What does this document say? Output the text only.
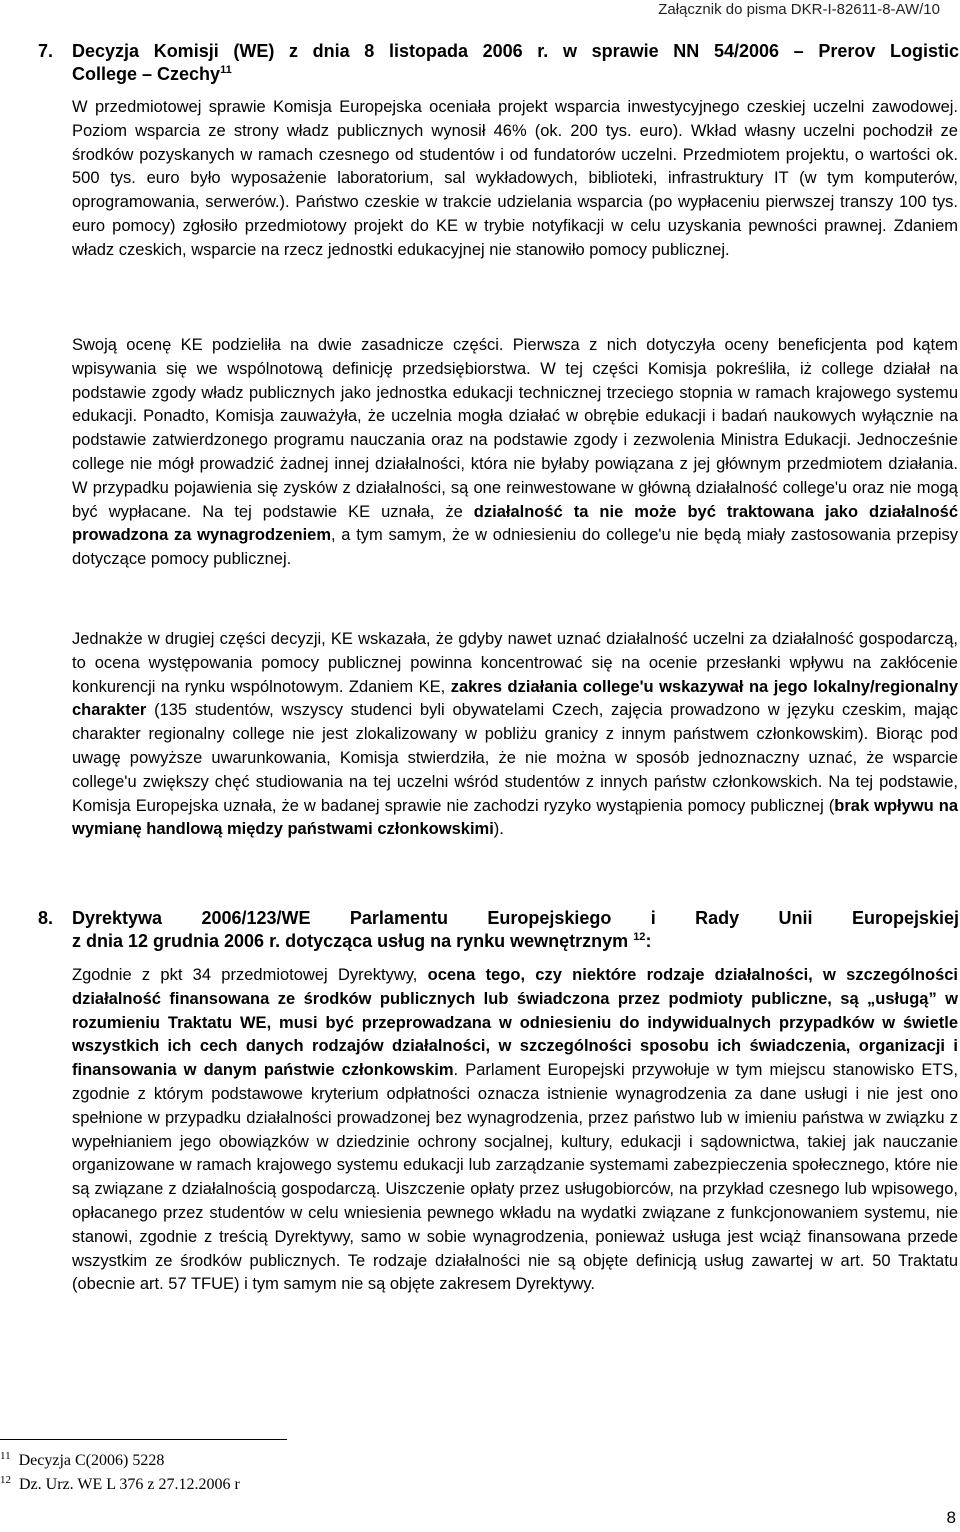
Załącznik do pisma DKR-I-82611-8-AW/10
7.	Decyzja Komisji (WE) z dnia 8 listopada 2006 r. w sprawie NN 54/2006 – Prerov Logistic
College – Czechy$^{11}$

W przedmiotowej sprawie Komisja Europejska oceniała projekt wsparcia inwestycyjnego czeskiej uczelni zawodowej. Poziom wsparcia ze strony władz publicznych wynosił 46% (ok. 200 tys. euro). Wkład własny uczelni pochodził ze środków pozyskanych w ramach czesnego od studentów i od fundatorów uczelni. Przedmiotem projektu, o wartości ok. 500 tys. euro było wyposażenie laboratorium, sal wykładowych, biblioteki, infrastruktury IT (w tym komputerów, oprogramowania, serwerów.). Państwo czeskie w trakcie udzielania wsparcia (po wypłaceniu pierwszej transzy 100 tys. euro pomocy) zgłosiło przedmiotowy projekt do KE w trybie notyfikacji w celu uzyskania pewności prawnej. Zdaniem władz czeskich, wsparcie na rzecz jednostki edukacyjnej nie stanowiło pomocy publicznej.

Swoją ocenę KE podzieliła na dwie zasadnicze części. Pierwsza z nich dotyczyła oceny beneficjenta pod kątem wpisywania się we wspólnotową definicję przedsiębiorstwa. W tej części Komisja pokreśliła, iż college działał na podstawie zgody władz publicznych jako jednostka edukacji technicznej trzeciego stopnia w ramach krajowego systemu edukacji. Ponadto, Komisja zauważyła, że uczelnia mogła działać w obrębie edukacji i badań naukowych wyłącznie na podstawie zatwierdzonego programu nauczania oraz na podstawie zgody i zezwolenia Ministra Edukacji. Jednocześnie college nie mógł prowadzić żadnej innej działalności, która nie byłaby powiązana z jej głównym przedmiotem działania. W przypadku pojawienia się zysków z działalności, są one reinwestowane w główną działalność college'u oraz nie mogą być wypłacane. Na tej podstawie KE uznała, że działalność ta nie może być traktowana jako działalność prowadzona za wynagrodzeniem, a tym samym, że w odniesieniu do college'u nie będą miały zastosowania przepisy dotyczące pomocy publicznej.

Jednakże w drugiej części decyzji, KE wskazała, że gdyby nawet uznać działalność uczelni za działalność gospodarczą, to ocena występowania pomocy publicznej powinna koncentrować się na ocenie przesłanki wpływu na zakłócenie konkurencji na rynku wspólnotowym. Zdaniem KE, zakres działania college'u wskazywał na jego lokalny/regionalny charakter (135 studentów, wszyscy studenci byli obywatelami Czech, zajęcia prowadzono w języku czeskim, mając charakter regionalny college nie jest zlokalizowany w pobliżu granicy z innym państwem członkowskim). Biorąc pod uwagę powyższe uwarunkowania, Komisja stwierdziła, że nie można w sposób jednoznaczny uznać, że wsparcie college'u zwiększy chęć studiowania na tej uczelni wśród studentów z innych państw członkowskich. Na tej podstawie, Komisja Europejska uznała, że w badanej sprawie nie zachodzi ryzyko wystąpienia pomocy publicznej (brak wpływu na wymianę handlową między państwami członkowskimi).

8.	Dyrektywa 2006/123/WE Parlamentu Europejskiego i Rady Unii Europejskiej
z dnia 12 grudnia 2006 r. dotycząca usług na rynku wewnętrznym $^{12}$:

Zgodnie z pkt 34 przedmiotowej Dyrektywy, ocena tego, czy niektóre rodzaje działalności, w szczególności działalność finansowana ze środków publicznych lub świadczona przez podmioty publiczne, są „usługą” w rozumieniu Traktatu WE, musi być przeprowadzana w odniesieniu do indywidualnych przypadków w świetle wszystkich ich cech danych rodzajów działalności, w szczególności sposobu ich świadczenia, organizacji i finansowania w danym państwie członkowskim. Parlament Europejski przywołuje w tym miejscu stanowisko ETS, zgodnie z którym podstawowe kryterium odpłatności oznacza istnienie wynagrodzenia za dane usługi i nie jest ono spełnione w przypadku działalności prowadzonej bez wynagrodzenia, przez państwo lub w imieniu państwa w związku z wypełnianiem jego obowiązków w dziedzinie ochrony socjalnej, kultury, edukacji i sądownictwa, takiej jak nauczanie organizowane w ramach krajowego systemu edukacji lub zarządzanie systemami zabezpieczenia społecznego, które nie są związane z działalnością gospodarczą. Uiszczenie opłaty przez usługobiorców, na przykład czesnego lub wpisowego, opłacanego przez studentów w celu wniesienia pewnego wkładu na wydatki związane z funkcjonowaniem systemu, nie stanowi, zgodnie z treścią Dyrektywy, samo w sobie wynagrodzenia, ponieważ usługa jest wciąż finansowana przede wszystkim ze środków publicznych. Te rodzaje działalności nie są objęte definicją usług zawartej w art. 50 Traktatu (obecnie art. 57 TFUE) i tym samym nie są objęte zakresem Dyrektywy.

$^{11}$ Decyzja C(2006) 5228
$^{12}$ Dz. Urz. WE L 376 z 27.12.2006 r
8
